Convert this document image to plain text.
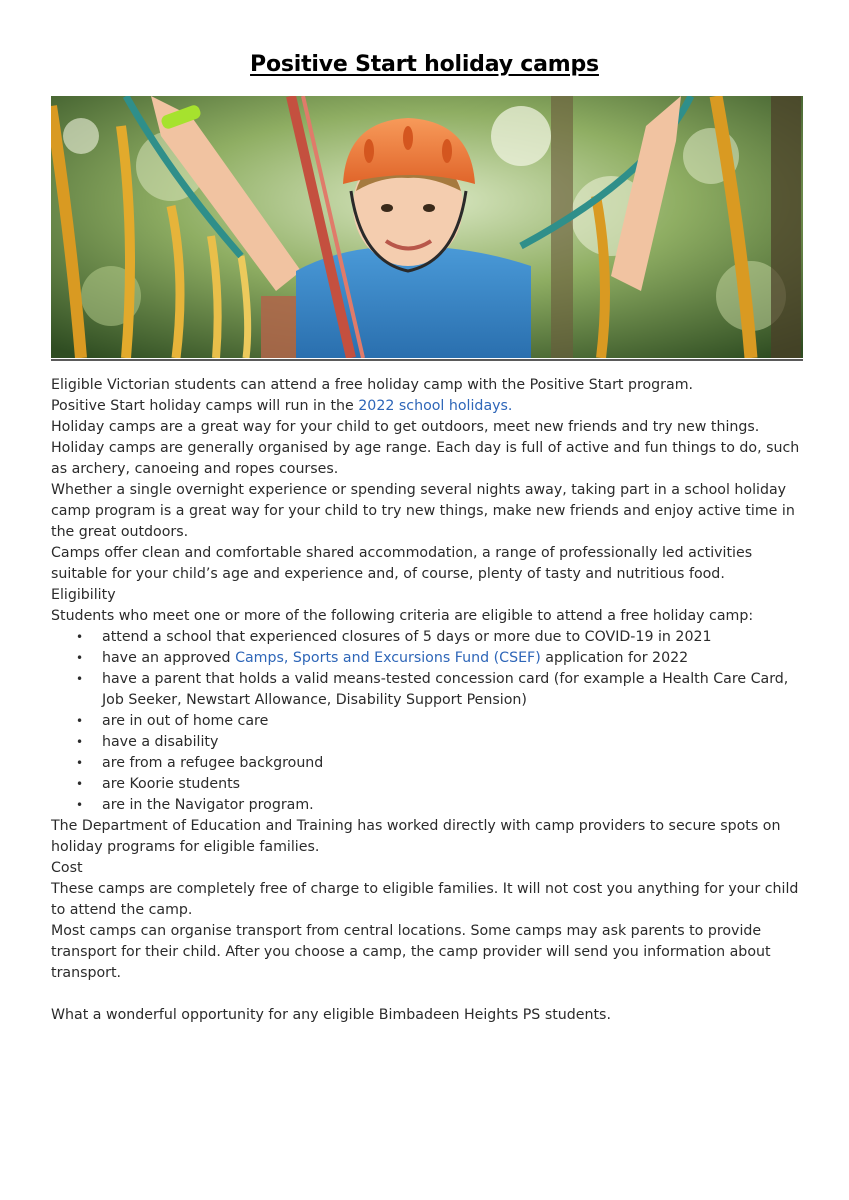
Positive Start holiday camps

Eligible Victorian students can attend a free holiday camp with the Positive Start program.

Positive Start holiday camps will run in the 2022 school holidays.

Holiday camps are a great way for your child to get outdoors, meet new friends and try new things. Holiday camps are generally organised by age range. Each day is full of active and fun things to do, such as archery, canoeing and ropes courses.

Whether a single overnight experience or spending several nights away, taking part in a school holiday camp program is a great way for your child to try new things, make new friends and enjoy active time in the great outdoors.

Camps offer clean and comfortable shared accommodation, a range of professionally led activities suitable for your child’s age and experience and, of course, plenty of tasty and nutritious food.

Eligibility

Students who meet one or more of the following criteria are eligible to attend a free holiday camp:

• attend a school that experienced closures of 5 days or more due to COVID-19 in 2021
• have an approved Camps, Sports and Excursions Fund (CSEF) application for 2022
• have a parent that holds a valid means-tested concession card (for example a Health Care Card, Job Seeker, Newstart Allowance, Disability Support Pension)
• are in out of home care
• have a disability
• are from a refugee background
• are Koorie students
• are in the Navigator program.

The Department of Education and Training has worked directly with camp providers to secure spots on holiday programs for eligible families.

Cost

These camps are completely free of charge to eligible families. It will not cost you anything for your child to attend the camp.

Most camps can organise transport from central locations. Some camps may ask parents to provide transport for their child. After you choose a camp, the camp provider will send you information about transport.

What a wonderful opportunity for any eligible Bimbadeen Heights PS students.
